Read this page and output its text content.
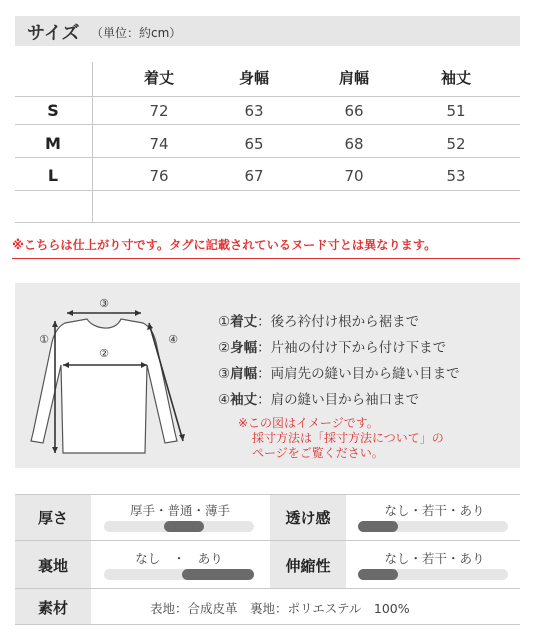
サイズ （単位：約cm）
着丈	身幅	肩幅	袖丈
S	72	63	66	51
M	74	65	68	52
L	76	67	70	53
※こちらは仕上がり寸です。タグに記載されているヌード寸とは異なります。
③
②
①	④
①着丈：後ろ衿付け根から裾まで
②身幅：片袖の付け下から付け下まで
③肩幅：両肩先の縫い目から縫い目まで
④袖丈：肩の縫い目から袖口まで
※この図はイメージです。
採寸方法は「採寸方法について」の
ページをご覧ください。
厚さ	厚手・普通・薄手	透け感	なし・若干・あり
裏地	なし　・　あり	伸縮性	なし・若干・あり
素材	表地：合成皮革　裏地：ポリエステル　100%
